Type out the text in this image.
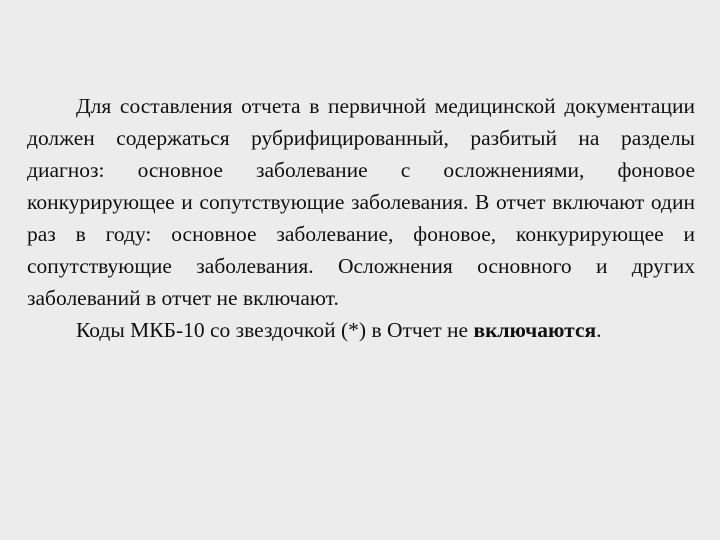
Для составления отчета в первичной медицинской документации должен содержаться рубрифицированный, разбитый на разделы диагноз: основное заболевание с осложнениями, фоновое конкурирующее и сопутствующие заболевания. В отчет включают один раз в году: основное заболевание, фоновое, конкурирующее и сопутствующие заболевания. Осложнения основного и других заболеваний в отчет не включают.

Коды МКБ-10 со звездочкой (*) в Отчет не включаются.
